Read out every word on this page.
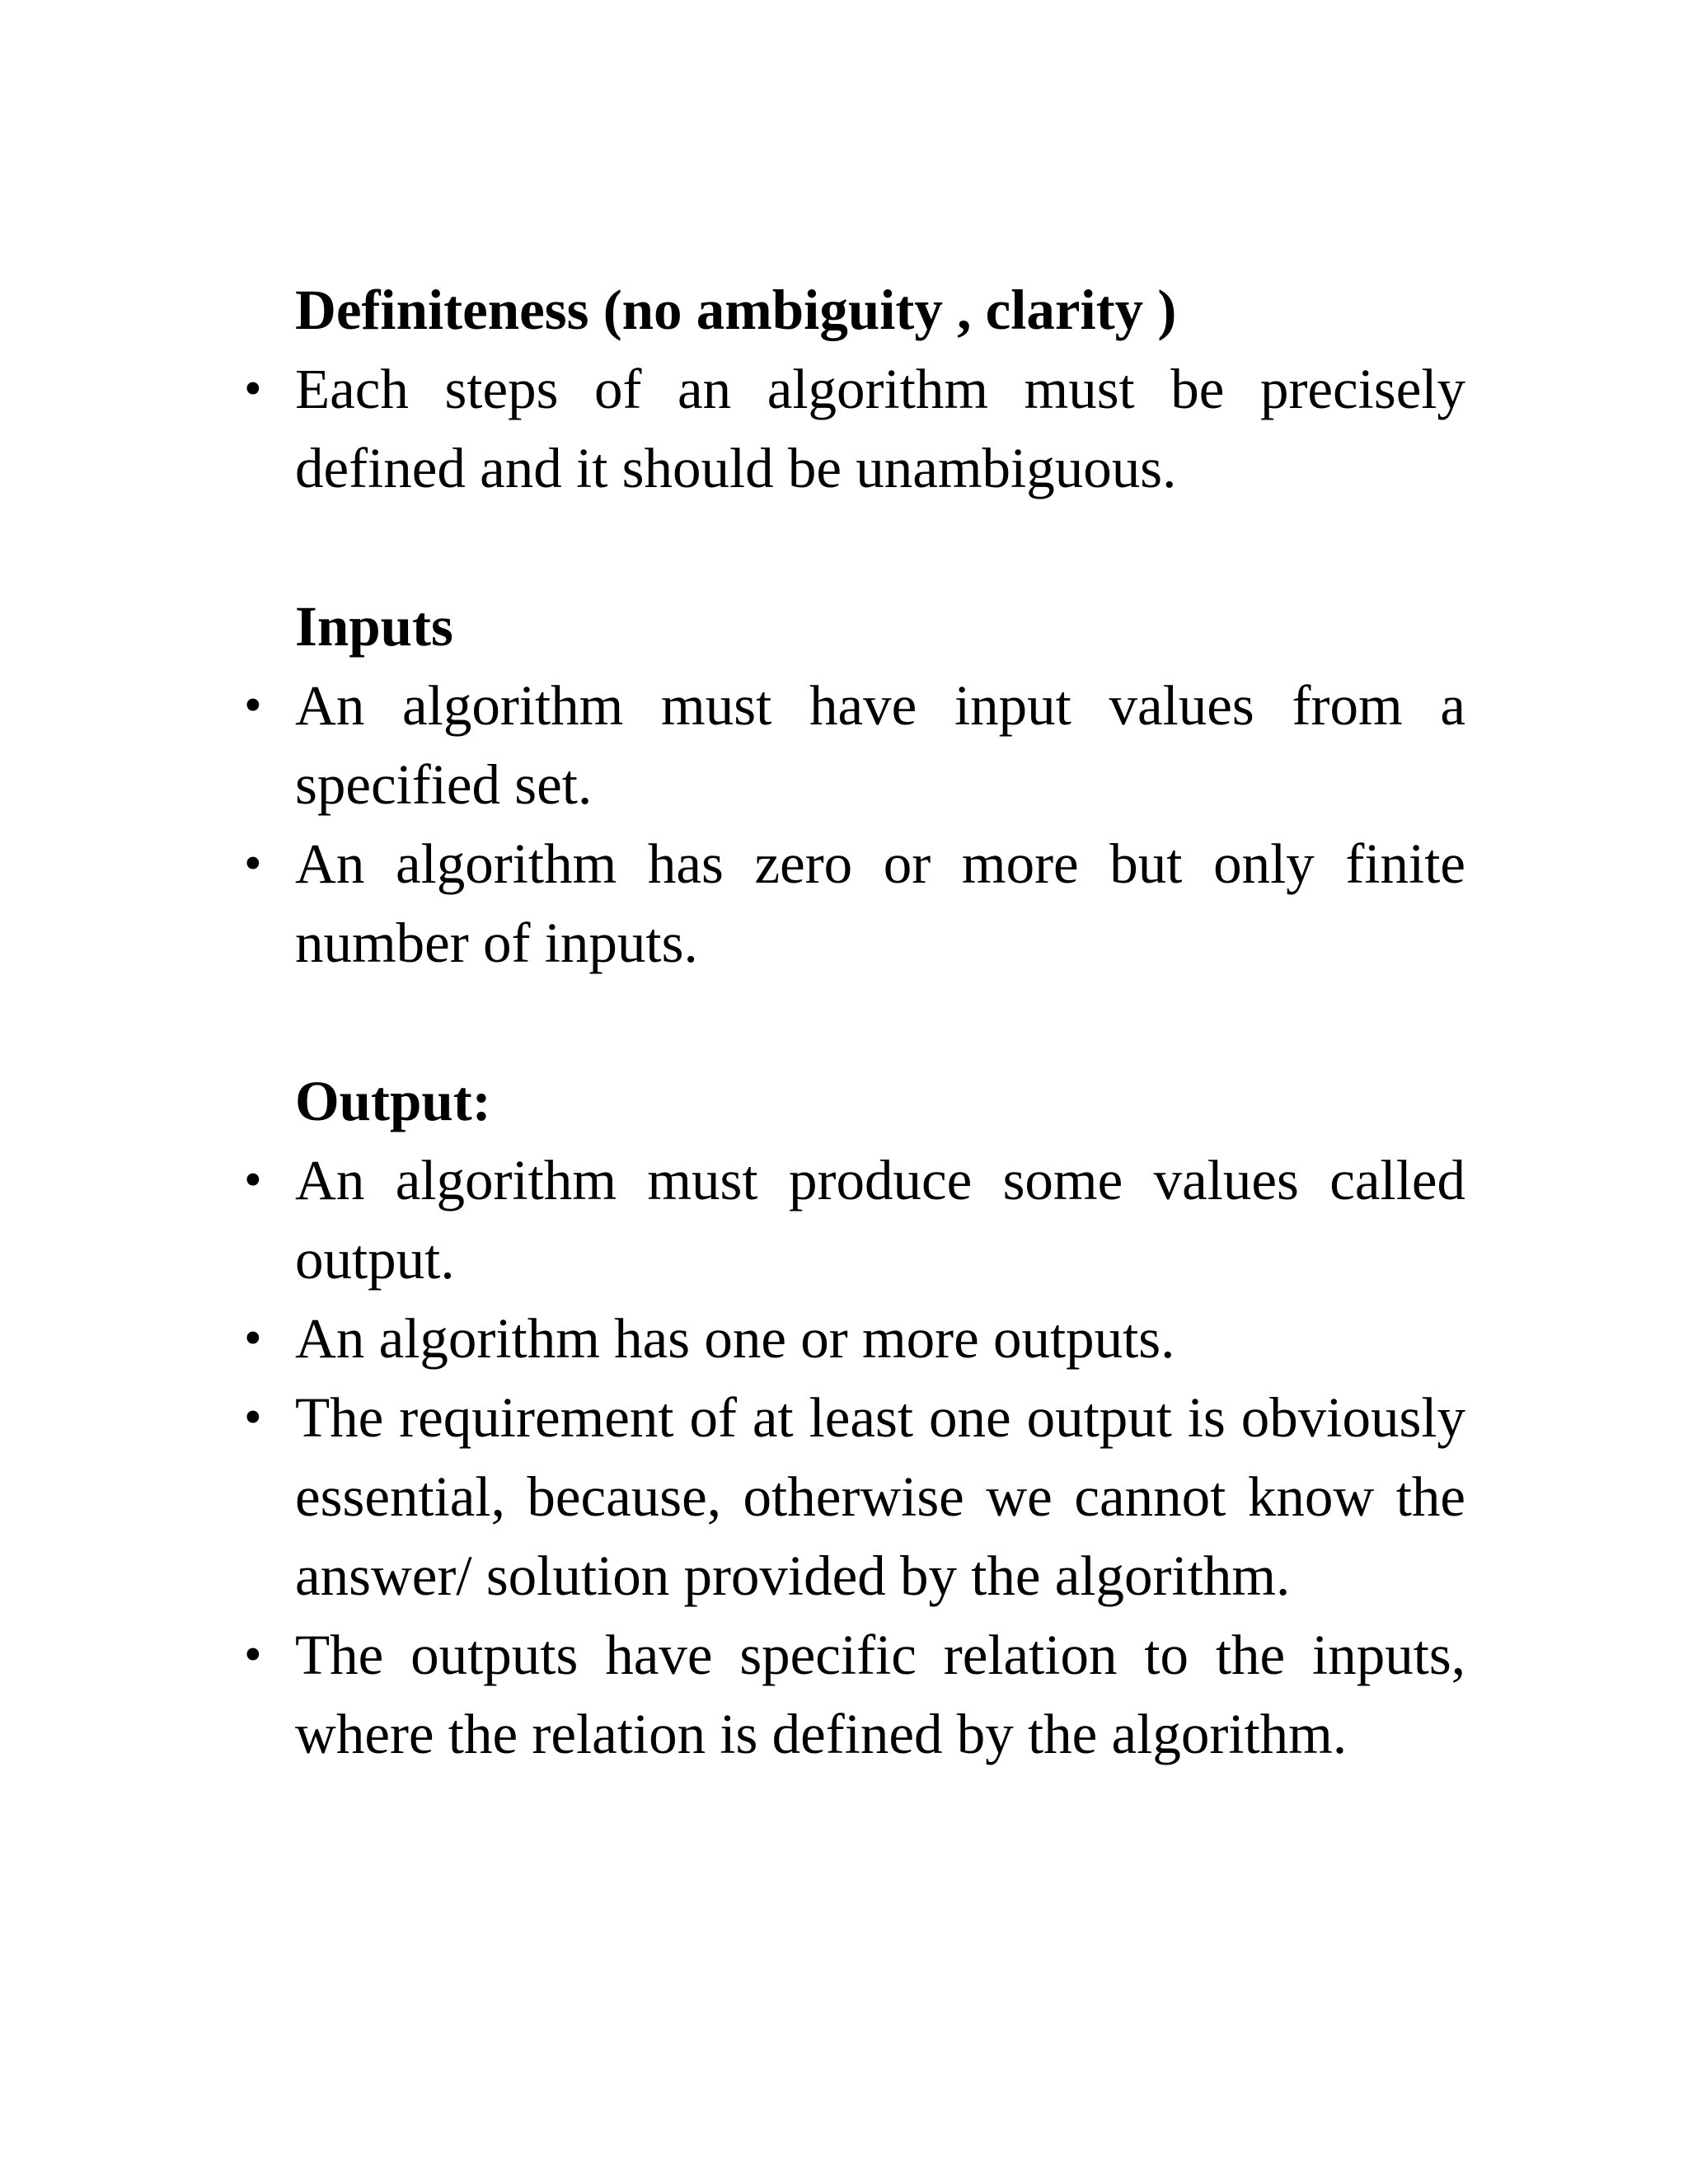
Definiteness (no ambiguity , clarity )

• Each steps of an algorithm must be precisely defined and it should be unambiguous.

Inputs

• An algorithm must have input values from a specified set.
• An algorithm has zero or more but only finite number of inputs.

Output:

• An algorithm must produce some values called output.
• An algorithm has one or more outputs.
• The requirement of at least one output is obviously essential, because, otherwise we cannot know the answer/ solution provided by the algorithm.
• The outputs have specific relation to the inputs, where the relation is defined by the algorithm.
